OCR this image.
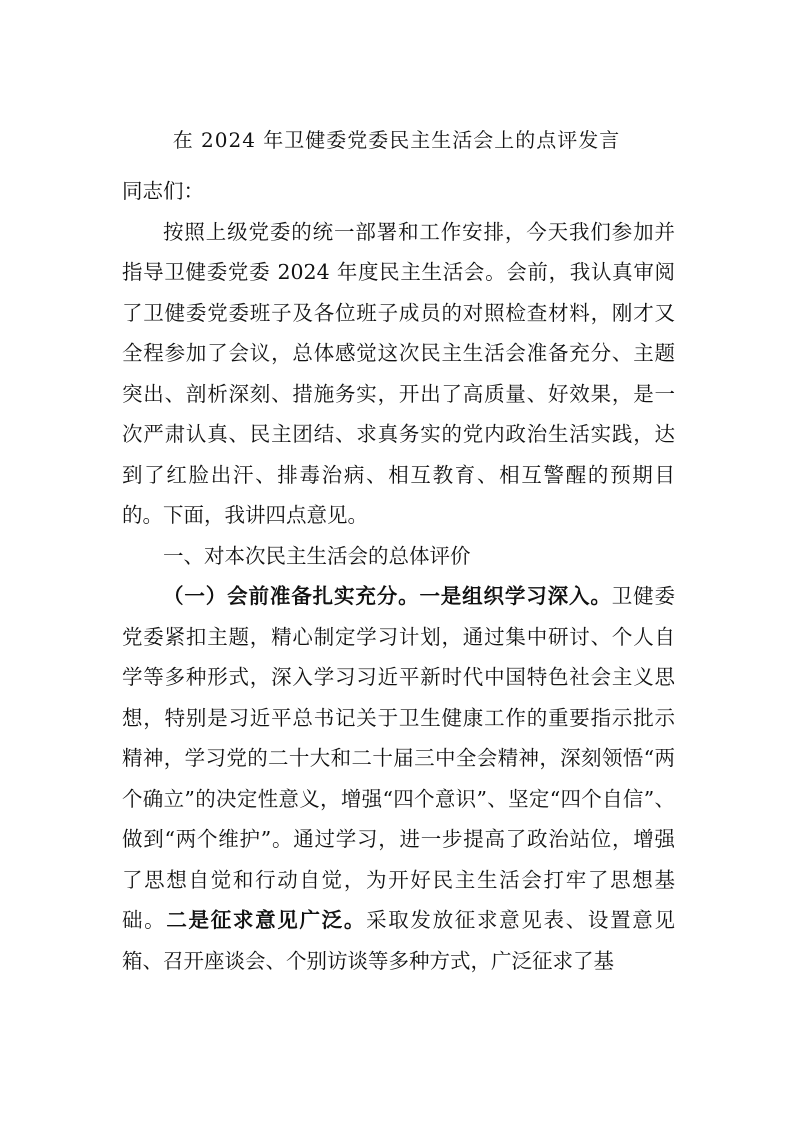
在 2024 年卫健委党委民主生活会上的点评发言

同志们：

按照上级党委的统一部署和工作安排，今天我们参加并指导卫健委党委 2024 年度民主生活会。会前，我认真审阅了卫健委党委班子及各位班子成员的对照检查材料，刚才又全程参加了会议，总体感觉这次民主生活会准备充分、主题突出、剖析深刻、措施务实，开出了高质量、好效果，是一次严肃认真、民主团结、求真务实的党内政治生活实践，达到了红脸出汗、排毒治病、相互教育、相互警醒的预期目的。下面，我讲四点意见。

一、对本次民主生活会的总体评价

（一）会前准备扎实充分。一是组织学习深入。卫健委党委紧扣主题，精心制定学习计划，通过集中研讨、个人自学等多种形式，深入学习习近平新时代中国特色社会主义思想，特别是习近平总书记关于卫生健康工作的重要指示批示精神，学习党的二十大和二十届三中全会精神，深刻领悟“两个确立”的决定性意义，增强“四个意识”、坚定“四个自信”、做到“两个维护”。通过学习，进一步提高了政治站位，增强了思想自觉和行动自觉，为开好民主生活会打牢了思想基础。二是征求意见广泛。采取发放征求意见表、设置意见箱、召开座谈会、个别访谈等多种方式，广泛征求了基
